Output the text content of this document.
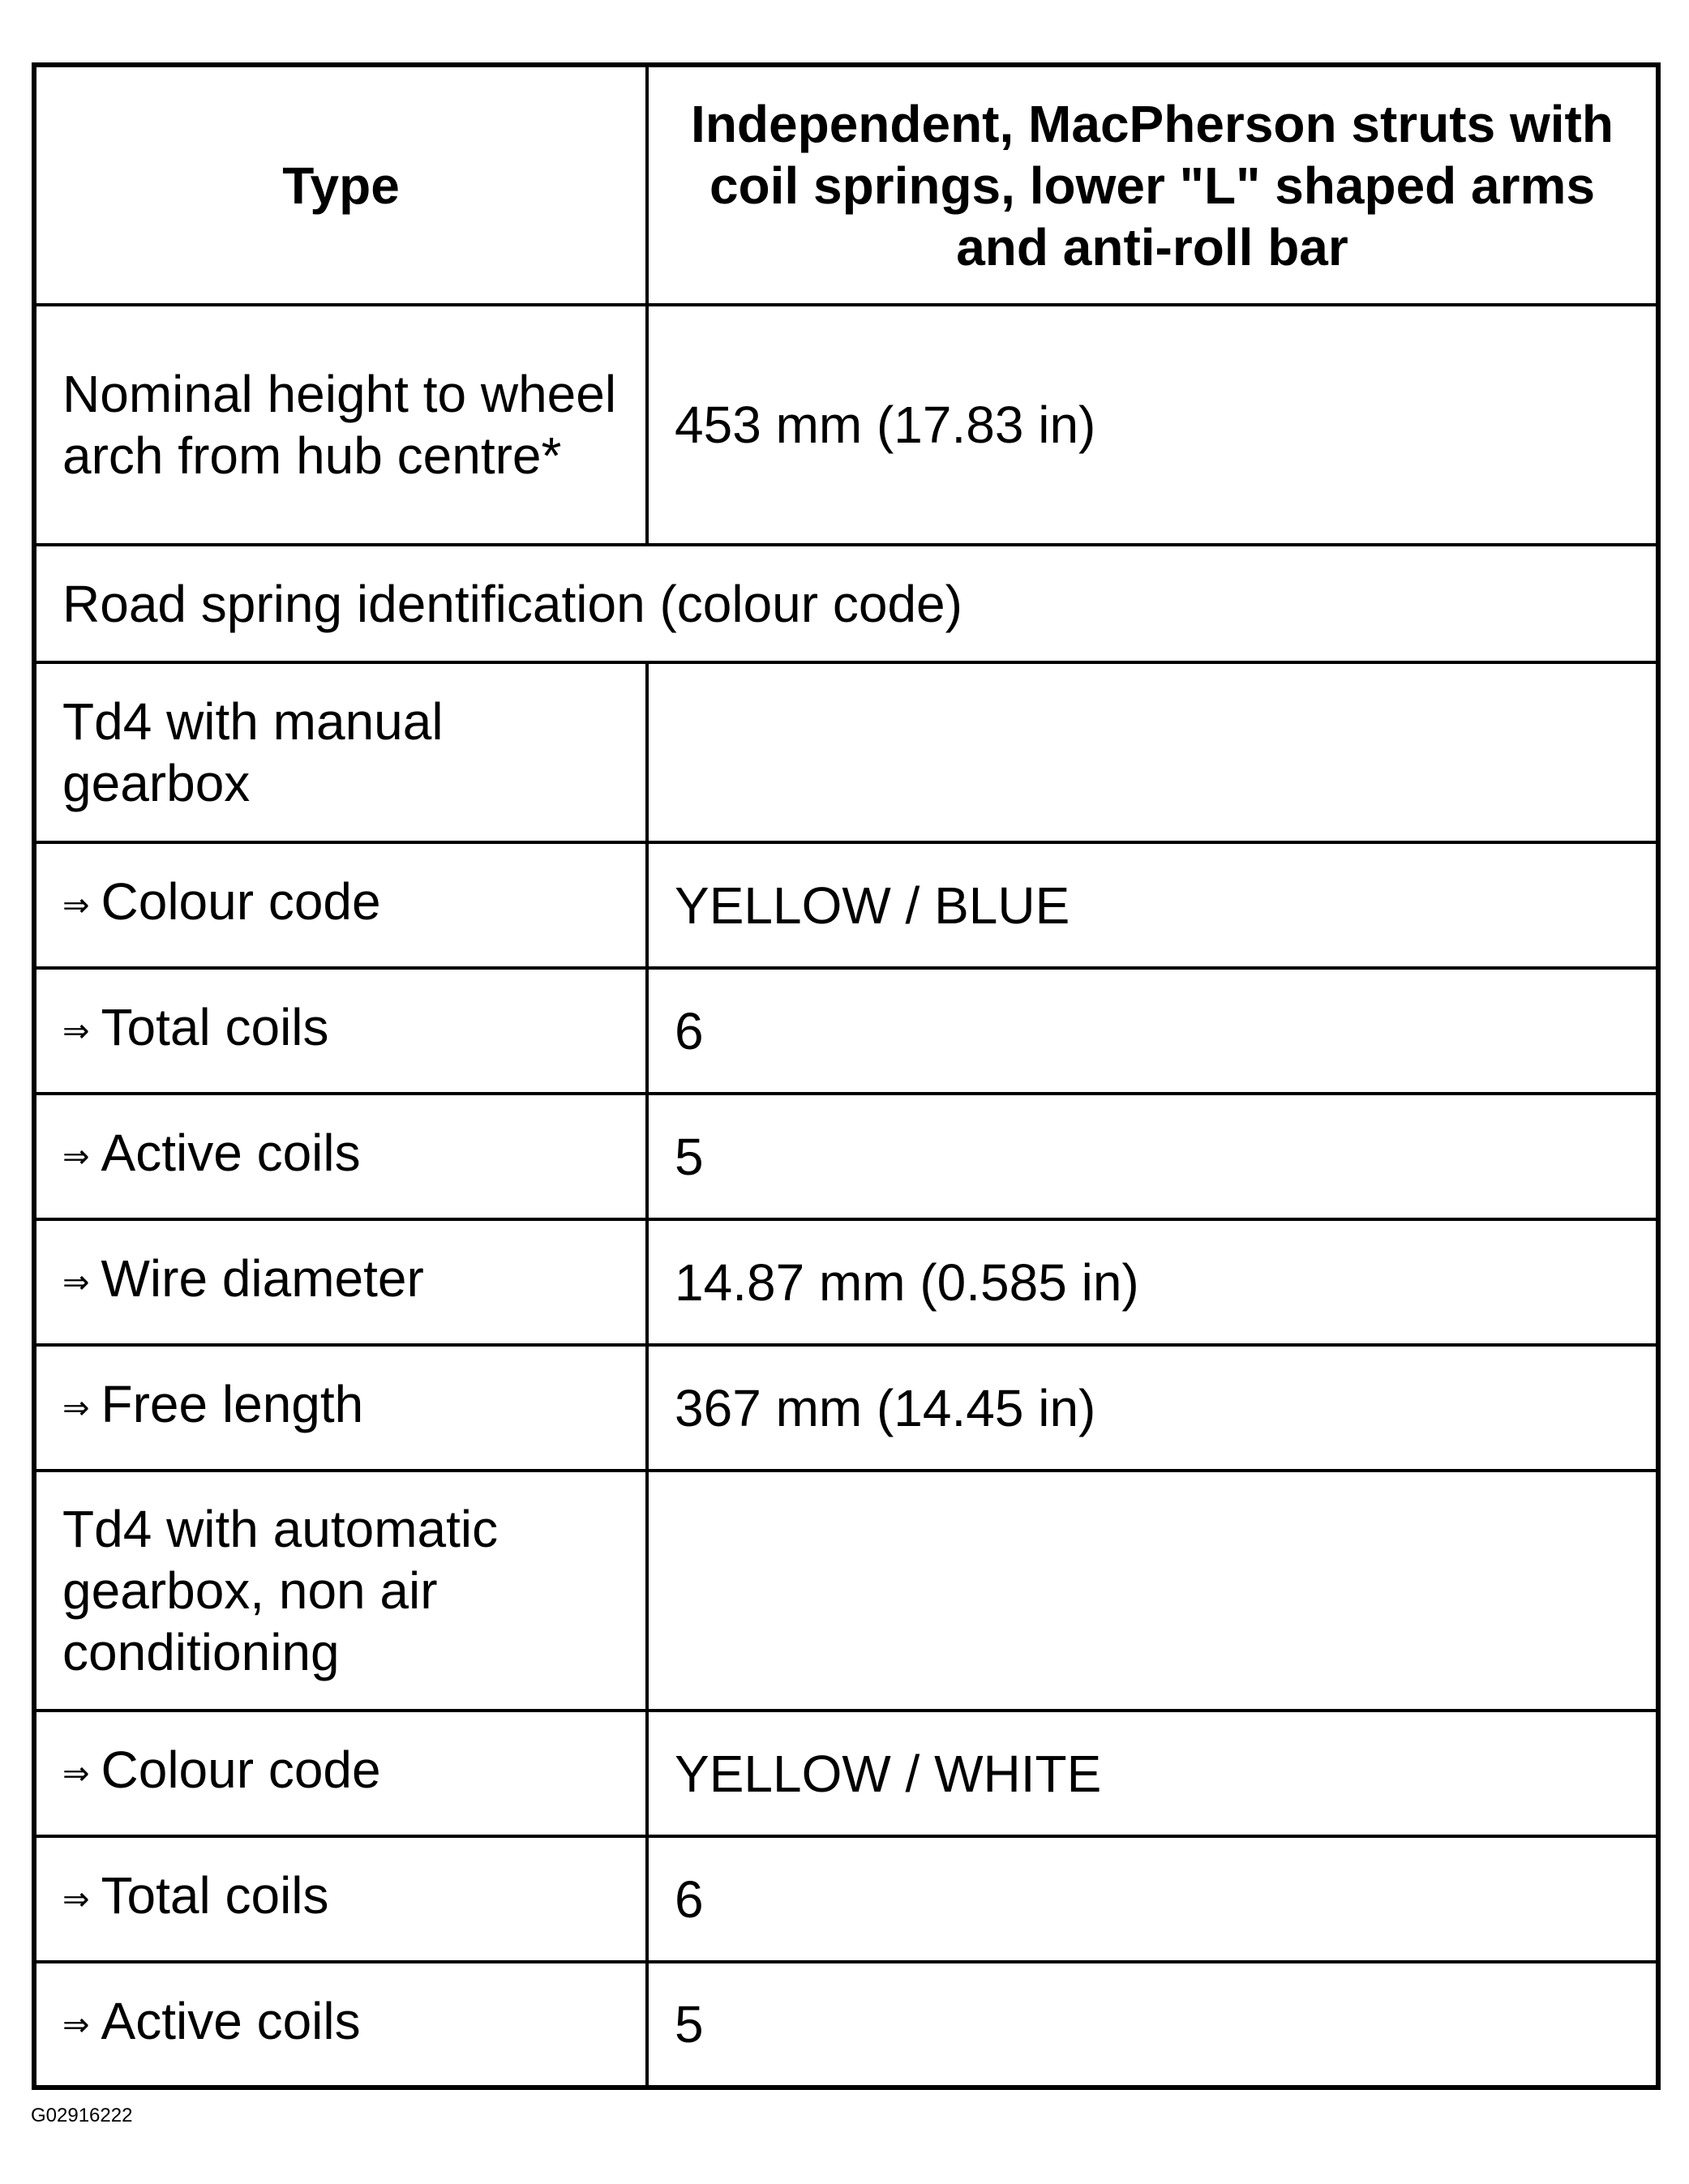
Type	Independent, MacPherson struts with coil springs, lower "L" shaped arms and anti-roll bar
Nominal height to wheel arch from hub centre*	453 mm (17.83 in)
Road spring identification (colour code)	
Td4 with manual gearbox	
⇒ Colour code	YELLOW / BLUE
⇒ Total coils	6
⇒ Active coils	5
⇒ Wire diameter	14.87 mm (0.585 in)
⇒ Free length	367 mm (14.45 in)
Td4 with automatic gearbox, non air conditioning	
⇒ Colour code	YELLOW / WHITE
⇒ Total coils	6
⇒ Active coils	5
G02916222
